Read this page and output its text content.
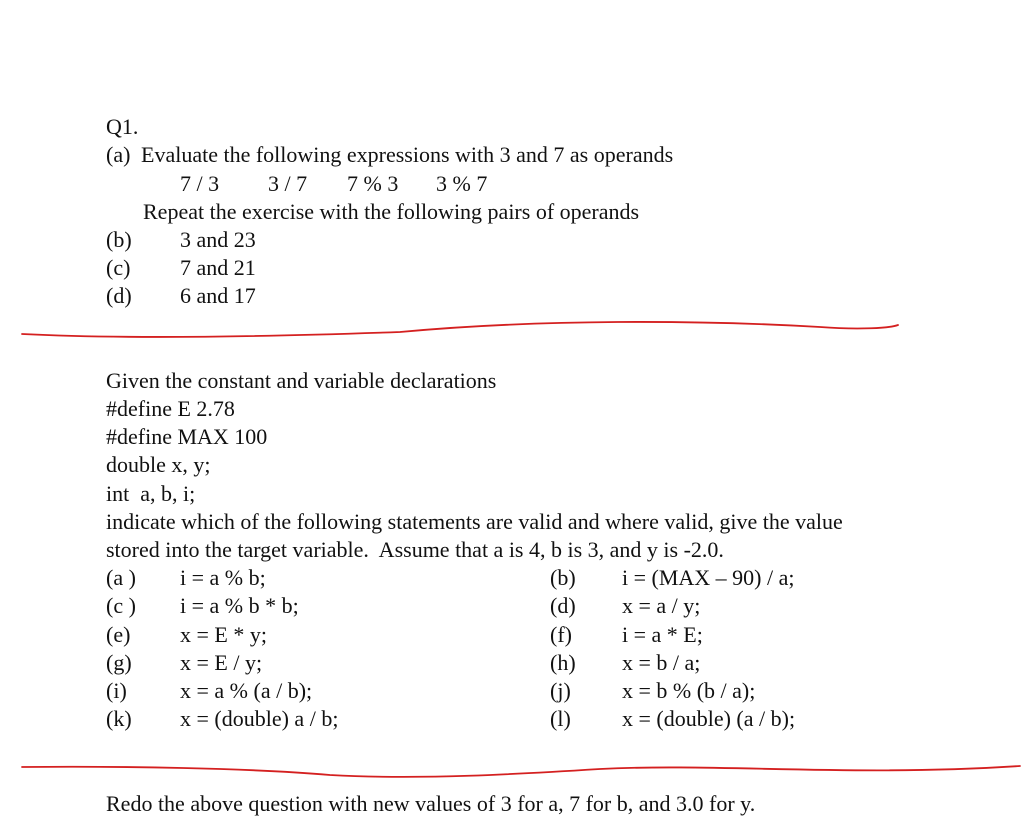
Q1.

(a) Evaluate the following expressions with 3 and 7 as operands

7 / 3 3 / 7 7 % 3 3 % 7

Repeat the exercise with the following pairs of operands

(b) 3 and 23

(c) 7 and 21

(d) 6 and 17

Given the constant and variable declarations

#define E 2.78

#define MAX 100

double x, y;

int  a, b, i;

indicate which of the following statements are valid and where valid, give the value

stored into the target variable.  Assume that a is 4, b is 3, and y is -2.0.

(a ) i = a % b;

(c ) i = a % b * b;

(e) x = E * y;

(g) x = E / y;

(i) x = a % (a / b);

(k) x = (double) a / b;

(b) i = (MAX – 90) / a;

(d) x = a / y;

(f) i = a * E;

(h) x = b / a;

(j) x = b % (b / a);

(l) x = (double) (a / b);

Redo the above question with new values of 3 for a, 7 for b, and 3.0 for y.
